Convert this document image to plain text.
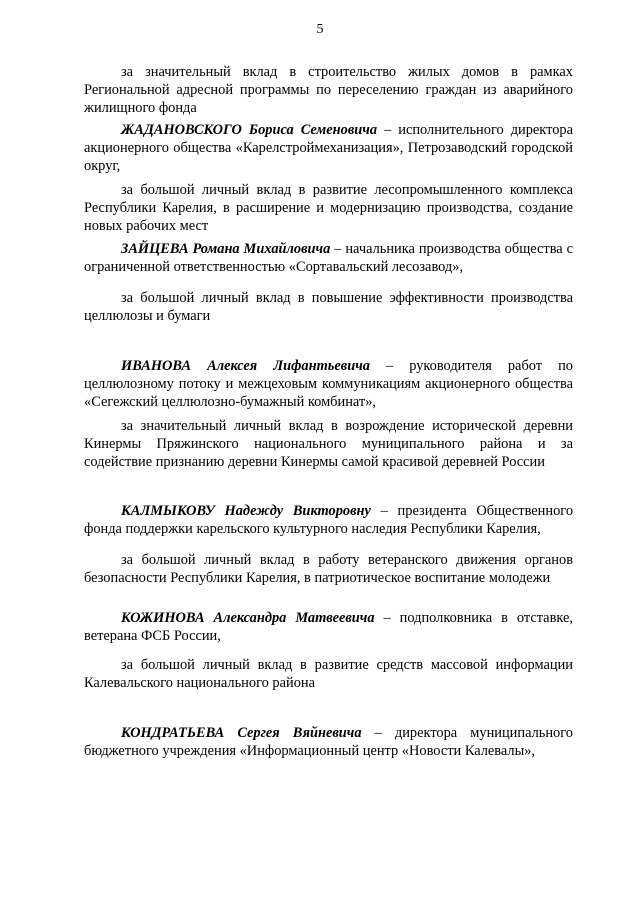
5
за значительный вклад в строительство жилых домов в рамках Региональной адресной программы по переселению граждан из аварийного жилищного фонда
ЖАДАНОВСКОГО Бориса Семеновича – исполнительного директора акционерного общества «Карелстроймеханизация», Петрозаводский городской округ,
за большой личный вклад в развитие лесопромышленного комплекса Республики Карелия, в расширение и модернизацию производства, создание новых рабочих мест
ЗАЙЦЕВА Романа Михайловича – начальника производства общества с ограниченной ответственностью «Сортавальский лесозавод»,
за большой личный вклад в повышение эффективности производства целлюлозы и бумаги
ИВАНОВА Алексея Лифантьевича – руководителя работ по целлюлозному потоку и межцеховым коммуникациям акционерного общества «Сегежский целлюлозно-бумажный комбинат»,
за значительный личный вклад в возрождение исторической деревни Кинермы Пряжинского национального муниципального района и за содействие признанию деревни Кинермы самой красивой деревней России
КАЛМЫКОВУ Надежду Викторовну – президента Общественного фонда поддержки карельского культурного наследия Республики Карелия,
за большой личный вклад в работу ветеранского движения органов безопасности Республики Карелия, в патриотическое воспитание молодежи
КОЖИНОВА Александра Матвеевича – подполковника в отставке, ветерана ФСБ России,
за большой личный вклад в развитие средств массовой информации Калевальского национального района
КОНДРАТЬЕВА Сергея Вяйневича – директора муниципального бюджетного учреждения «Информационный центр «Новости Калевалы»,
